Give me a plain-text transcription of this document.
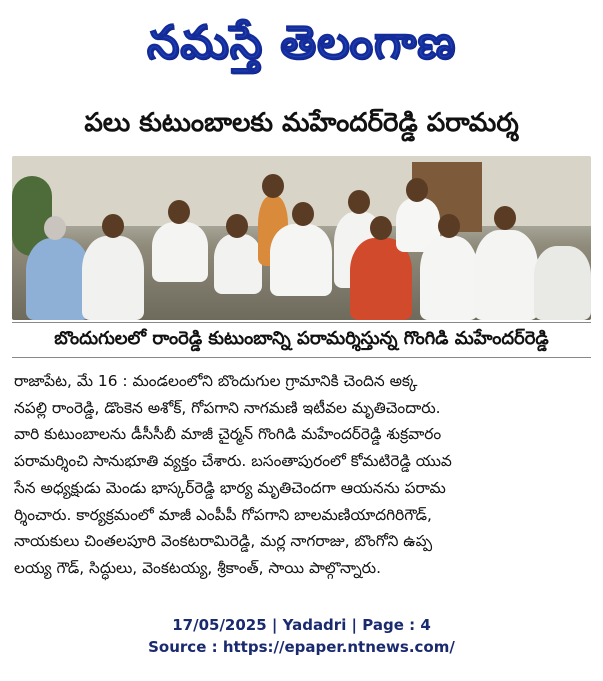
నమస్తే తెలంగాణ
పలు కుటుంబాలకు మహేందర్‌రెడ్డి పరామర్శ
బొందుగులలో రాంరెడ్డి కుటుంబాన్ని పరామర్శిస్తున్న గొంగిడి మహేందర్‌రెడ్డి
రాజాపేట, మే 16 : మండలంలోని బొందుగుల గ్రామానికి చెందిన అక్క
నపల్లి రాంరెడ్డి, డొంకెన అశోక్, గోపగాని నాగమణి ఇటీవల మృతిచెందారు.
వారి కుటుంబాలను డీసీసీబీ మాజీ చైర్మన్ గొంగిడి మహేందర్‌రెడ్డి శుక్రవారం
పరామర్శించి సానుభూతి వ్యక్తం చేశారు. బసంతాపురంలో కోమటిరెడ్డి యువ
సేన అధ్యక్షుడు మెండు భాస్కర్‌రెడ్డి భార్య మృతిచెందగా ఆయనను పరామ
ర్శించారు. కార్యక్రమంలో మాజీ ఎంపీపీ గోపగాని బాలమణియాదగిరిగౌడ్,
నాయకులు చింతలపూరి వెంకటరామిరెడ్డి, మర్ల నాగరాజు, బొంగోని ఉప్ప
లయ్య గౌడ్, సిద్ధులు, వెంకటయ్య, శ్రీకాంత్, సాయి పాల్గొన్నారు.
17/05/2025 | Yadadri | Page : 4
Source : https://epaper.ntnews.com/
